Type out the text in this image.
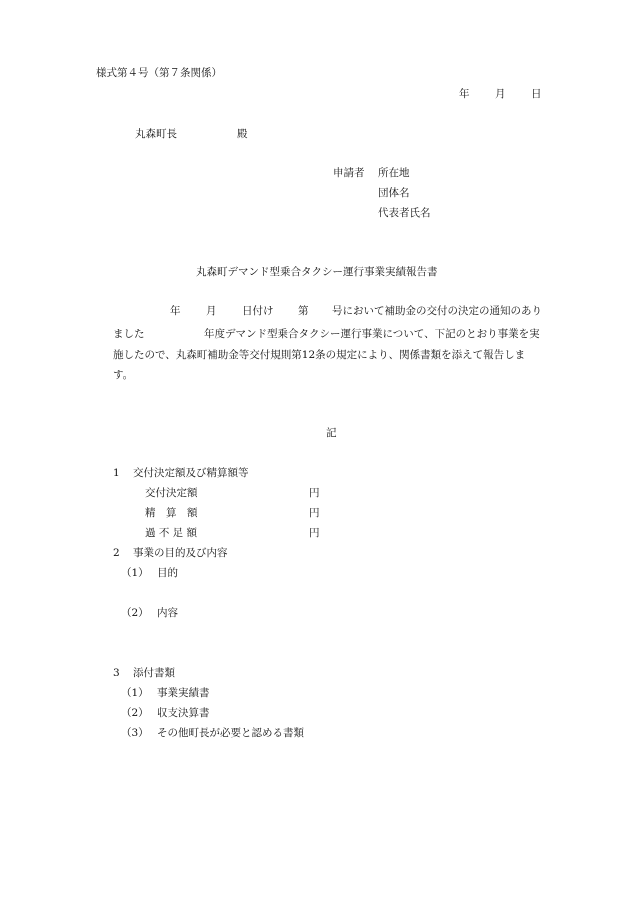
様式第４号（第７条関係）
年 月 日
丸森町長	殿
申請者 所在地
団体名
代表者氏名
丸森町デマンド型乗合タクシー運行事業実績報告書
年 月 日付け 第 号において補助金の交付の決定の通知のあり
ました	年度デマンド型乗合タクシー運行事業について、下記のとおり事業を実
施したので、丸森町補助金等交付規則第12条の規定により、関係書類を添えて報告しま
す。
記
1 交付決定額及び精算額等
交付決定額	円
精　算　額	円
過 不 足 額	円
2 事業の目的及び内容
（1） 目的
（2） 内容
3 添付書類
（1） 事業実績書
（2） 収支決算書
（3） その他町長が必要と認める書類
